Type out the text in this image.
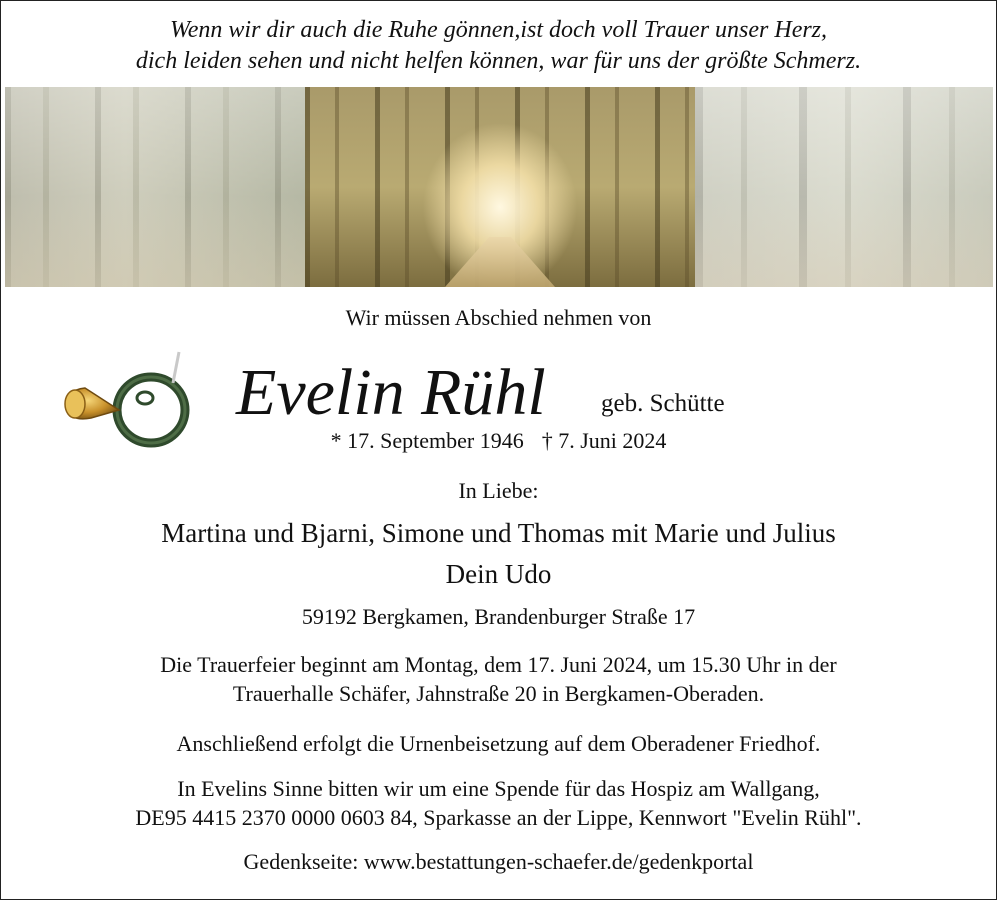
Wenn wir dir auch die Ruhe gönnen,ist doch voll Trauer unser Herz,
dich leiden sehen und nicht helfen können, war für uns der größte Schmerz.
Wir müssen Abschied nehmen von
Evelin Rühl geb. Schütte
* 17. September 1946 † 7. Juni 2024
In Liebe:
Martina und Bjarni, Simone und Thomas mit Marie und Julius
Dein Udo
59192 Bergkamen, Brandenburger Straße 17
Die Trauerfeier beginnt am Montag, dem 17. Juni 2024, um 15.30 Uhr in der
Trauerhalle Schäfer, Jahnstraße 20 in Bergkamen-Oberaden.
Anschließend erfolgt die Urnenbeisetzung auf dem Oberadener Friedhof.
In Evelins Sinne bitten wir um eine Spende für das Hospiz am Wallgang,
DE95 4415 2370 0000 0603 84, Sparkasse an der Lippe, Kennwort "Evelin Rühl".
Gedenkseite: www.bestattungen-schaefer.de/gedenkportal
